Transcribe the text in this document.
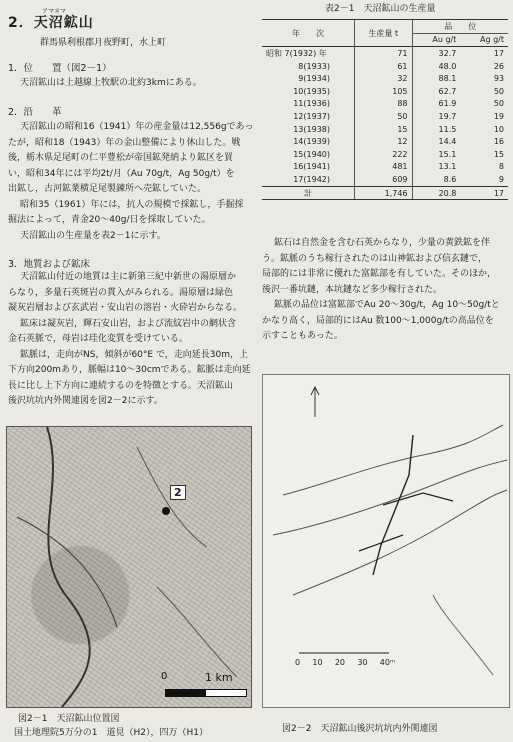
アマヌマ
2．天沼鉱山
群馬県利根郡月夜野町，水上町
1．位　　置（図2－1）
天沼鉱山は上越線上牧駅の北約3kmにある。
2．沿　　革
天沼鉱山の昭和16（1941）年の産金量は12,556gであっ
たが，昭和18（1943）年の金山整備により休山した。戦
後，栃木県足尾町の仁平豊松が帝国鉱発納より鉱区を買
い，昭和34年には平均2t/月（Au 70g/t，Ag 50g/t）を
出鉱し，古河鉱業横足尾製錬所へ売鉱していた。
昭和35（1961）年には，抗人の規模で採鉱し，手掘採
掘法によって，青金20～40g/日を採取していた。
天沼鉱山の生産量を表2－1に示す。
3．地質および鉱床
天沼鉱山付近の地質は主に新第三紀中新世の湯原層か
らなり，多量石英斑岩の貫入がみられる。湯原層は緑色
凝灰岩層および玄武岩・安山岩の溶岩・火砕岩からなる。
鉱床は凝灰岩，輝石安山岩，および流紋岩中の網状含
金石英脈で，母岩は珪化変質を受けている。
鉱脈は，走向がNS，傾斜が60°E で，走向延長30m，上
下方向200mあり，脈幅は10～30cmである。鉱脈は走向延
長に比し上下方向に連続するのを特徴とする。天沼鉱山
後沢坑坑内外関連図を図2－2に示す。
2
0	1 km
図2－1　天沼鉱山位置図
国土地理院5万分の1　道見（H2），四万（H1）
表2－1　天沼鉱山の生産量
年　　次	生産量 t	品　　位	
		Au g/t	Ag g/t
昭和 7(1932) 年	71	32.7	17
8(1933)	61	48.0	26
9(1934)	32	88.1	93
10(1935)	105	62.7	50
11(1936)	88	61.9	50
12(1937)	50	19.7	19
13(1938)	15	11.5	10
14(1939)	12	14.4	16
15(1940)	222	15.1	15
16(1941)	481	13.1	8
17(1942)	609	8.6	9
計	1,746	20.8	17
鉱石は自然金を含む石英からなり，少量の黄鉄鉱を伴
う。鉱脈のうち稼行されたのは山神鉱および信玄鏈で，
局部的には非常に優れた富鉱部を有していた。そのほか，
後沢一番坑鏈，本坑鏈など多少稼行された。
鉱脈の品位は富鉱部でAu 20～30g/t，Ag 10～50g/tと
かなり高く，局部的にはAu 数100～1,000g/tの高品位を
示すこともあった。
0 10 20 30 40ᵐ
図2－2　天沼鉱山後沢坑坑内外関連図
